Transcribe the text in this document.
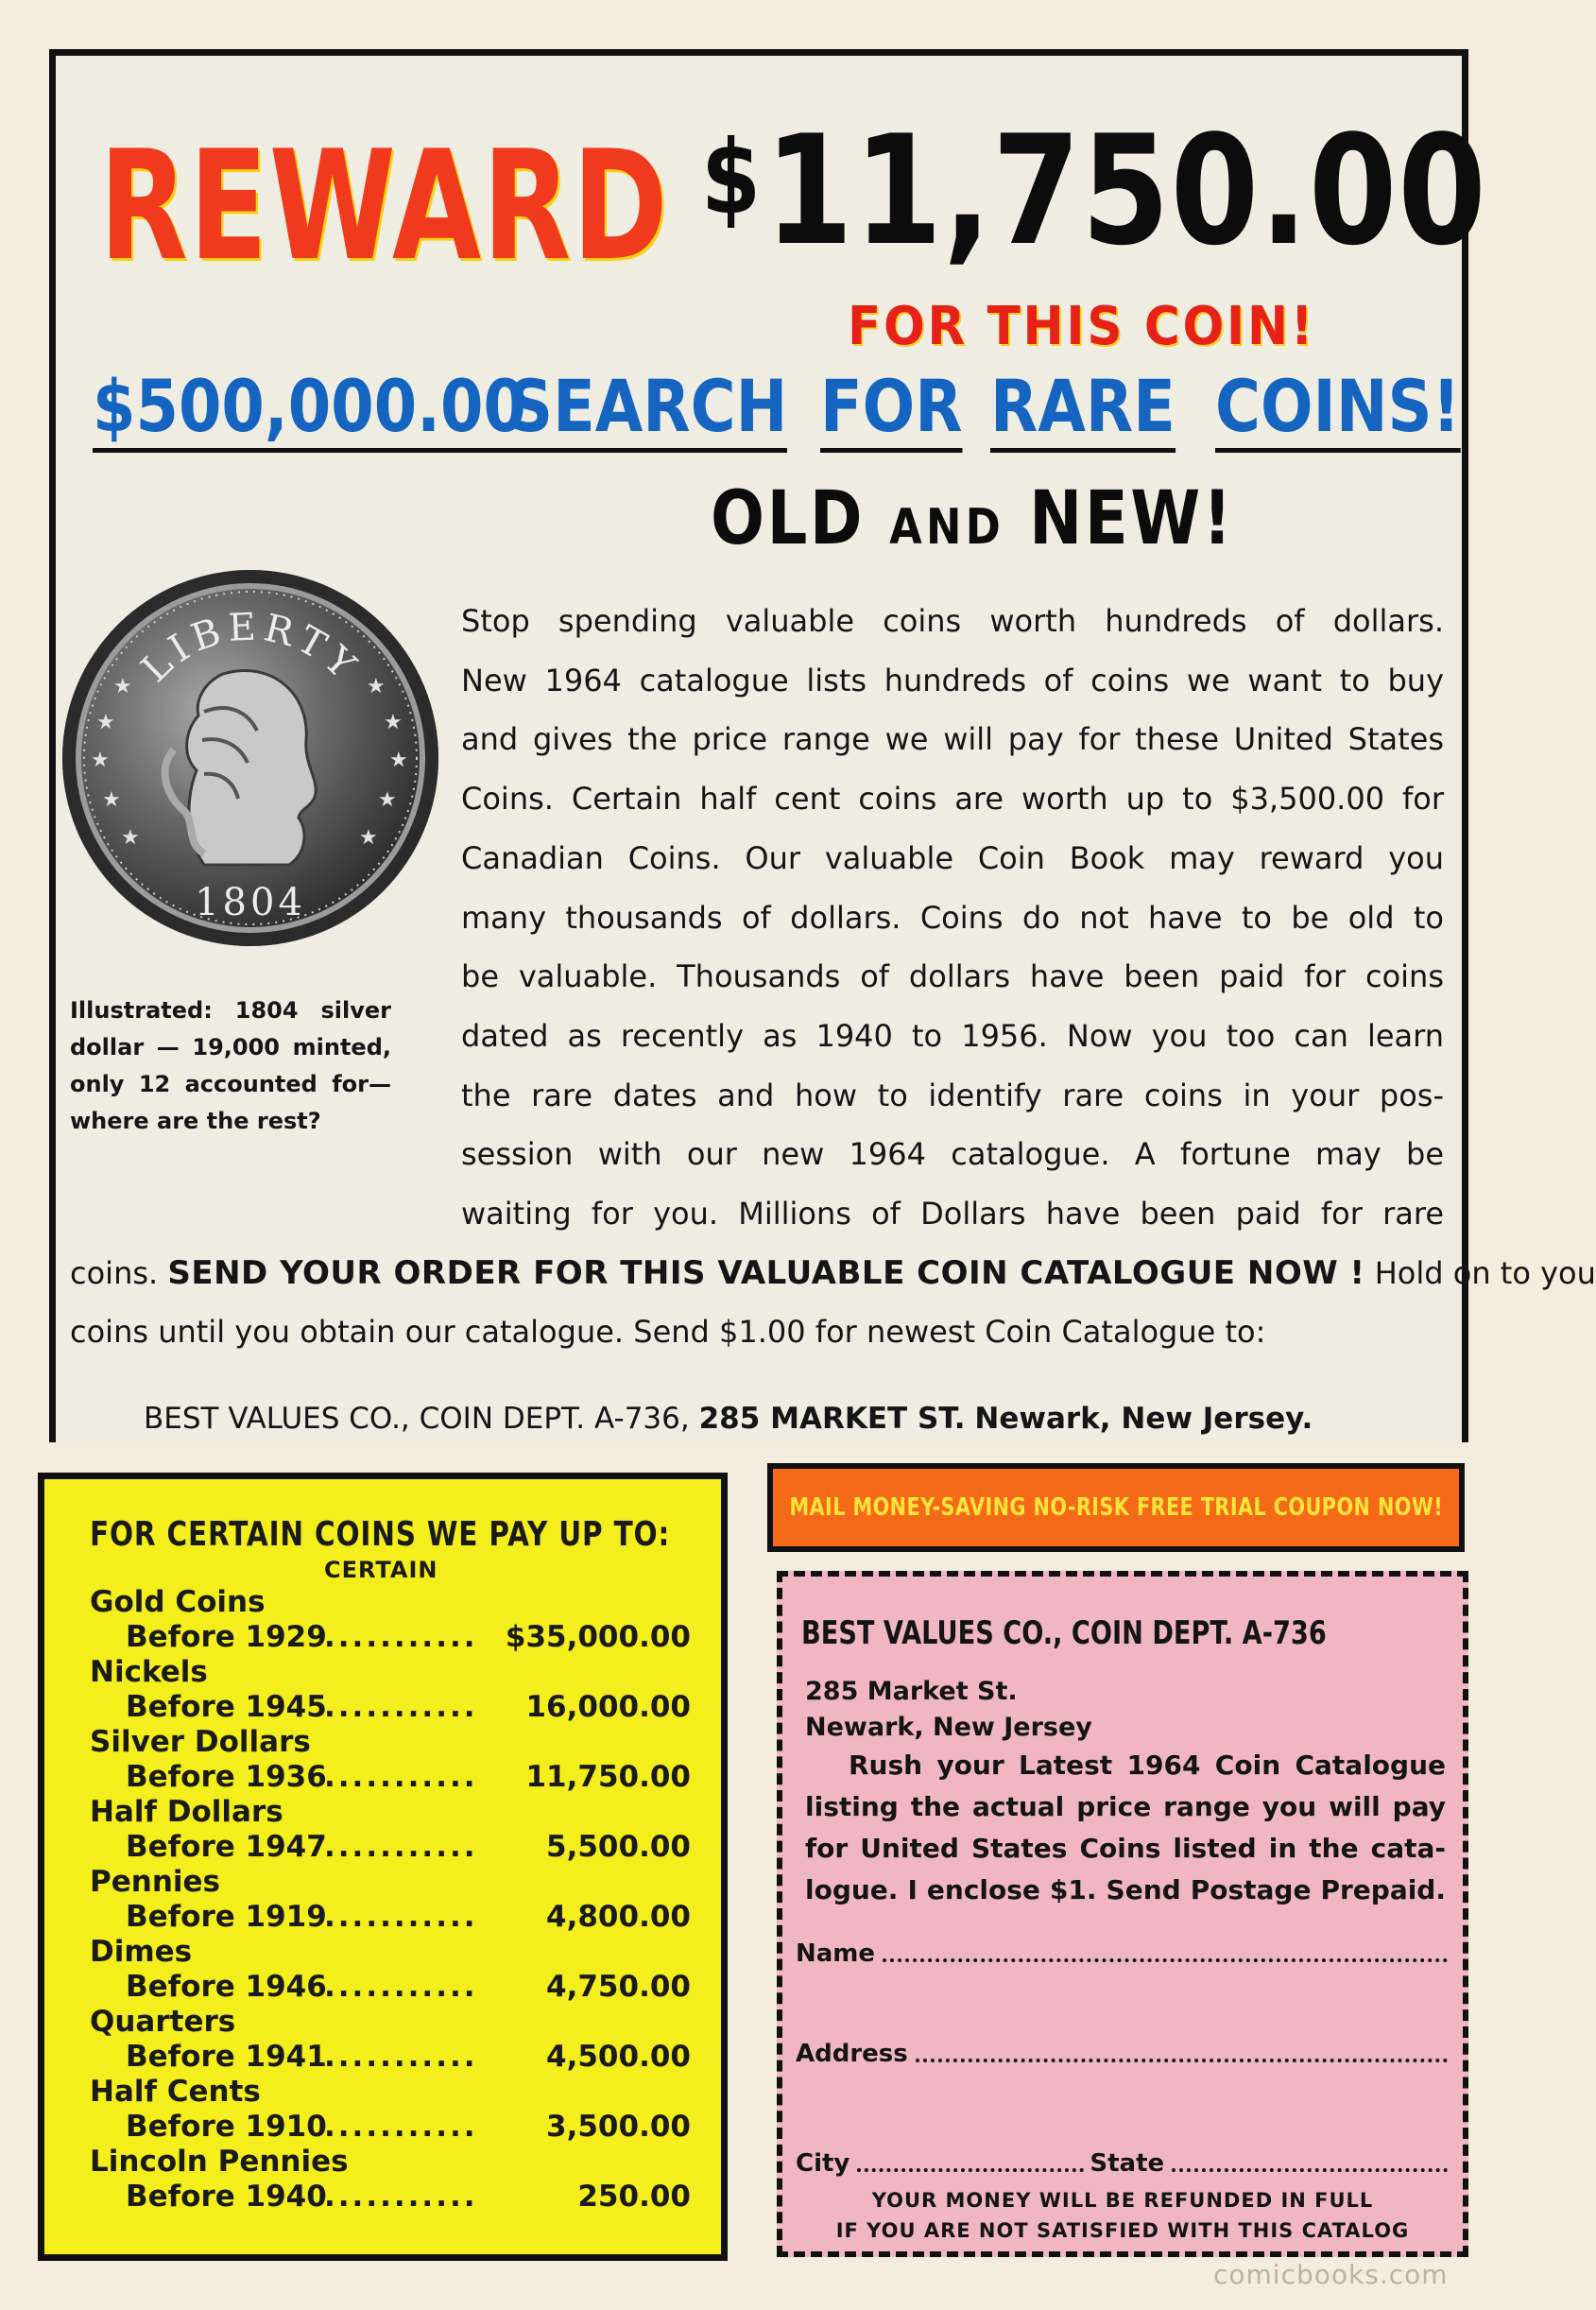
REWARD $11,750.00
FOR THIS COIN!
$500,000.00
SEARCH FOR RARE COINS!
OLD AND NEW!
★
★
★
★
★
★
★
★
★
★
LIBERTY
1804
Illustrated: 1804 silver
dollar — 19,000 minted,
only 12 accounted for—
where are the rest?
Stop spending valuable coins worth hundreds of dollars.
New 1964 catalogue lists hundreds of coins we want to buy
and gives the price range we will pay for these United States
Coins. Certain half cent coins are worth up to $3,500.00 for
Canadian Coins. Our valuable Coin Book may reward you
many thousands of dollars. Coins do not have to be old to
be valuable. Thousands of dollars have been paid for coins
dated as recently as 1940 to 1956. Now you too can learn
the rare dates and how to identify rare coins in your pos-
session with our new 1964 catalogue. A fortune may be
waiting for you. Millions of Dollars have been paid for rare
coins. SEND YOUR ORDER FOR THIS VALUABLE COIN CATALOGUE NOW ! Hold on to you
coins until you obtain our catalogue. Send $1.00 for newest Coin Catalogue to:
BEST VALUES CO., COIN DEPT. A-736, 285 MARKET ST. Newark, New Jersey.
FOR CERTAIN COINS WE PAY UP TO:
CERTAIN
Gold Coins
Before 1929
........... $35,000.00
Nickels
Before 1945
........... 16,000.00
Silver Dollars
Before 1936
........... 11,750.00
Half Dollars
Before 1947
........... 5,500.00
Pennies
Before 1919
........... 4,800.00
Dimes
Before 1946
........... 4,750.00
Quarters
Before 1941
........... 4,500.00
Half Cents
Before 1910
........... 3,500.00
Lincoln Pennies
Before 1940
...........	250.00
MAIL MONEY-SAVING NO-RISK FREE TRIAL COUPON NOW!
BEST VALUES CO., COIN DEPT. A-736
285 Market St.
Newark, New Jersey
Rush your Latest 1964 Coin Catalogue
listing the actual price range you will pay
for United States Coins listed in the cata-
logue. I enclose $1. Send Postage Prepaid.
Name
Address
City	State
YOUR MONEY WILL BE REFUNDED IN FULL
IF YOU ARE NOT SATISFIED WITH THIS CATALOG
comicbooks.com
